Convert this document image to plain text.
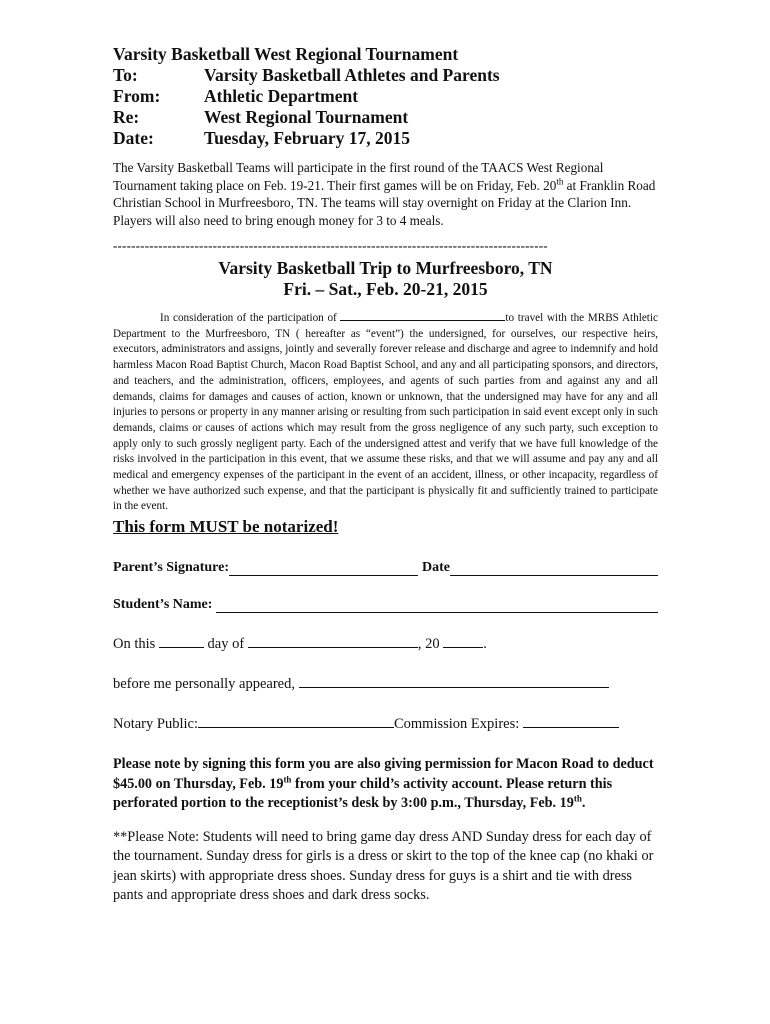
Varsity Basketball West Regional Tournament
To:	Varsity Basketball Athletes and Parents
From:	Athletic Department
Re:	West Regional Tournament
Date:	Tuesday, February 17, 2015

The Varsity Basketball Teams will participate in the first round of the TAACS West Regional Tournament taking place on Feb. 19-21. Their first games will be on Friday, Feb. 20th at Franklin Road Christian School in Murfreesboro, TN. The teams will stay overnight on Friday at the Clarion Inn. Players will also need to bring enough money for 3 to 4 meals.

------------------------------------------------------------------------------------------------
Varsity Basketball Trip to Murfreesboro, TN
Fri. – Sat., Feb. 20-21, 2015

In consideration of the participation of	to travel with the MRBS Athletic Department to the Murfreesboro, TN ( hereafter as “event”) the undersigned, for ourselves, our respective heirs, executors, administrators and assigns, jointly and severally forever release and discharge and agree to indemnify and hold harmless Macon Road Baptist Church, Macon Road Baptist School, and any and all participating sponsors, and directors, and teachers, and the administration, officers, employees, and agents of such parties from and against any and all demands, claims for damages and causes of action, known or unknown, that the undersigned may have for any and all injuries to persons or property in any manner arising or resulting from such participation in said event except only in such demands, claims or causes of actions which may result from the gross negligence of any such party, such exception to apply only to such grossly negligent party. Each of the undersigned attest and verify that we have full knowledge of the risks involved in the participation in this event, that we assume these risks, and that we will assume and pay any and all medical and emergency expenses of the participant in the event of an accident, illness, or other incapacity, regardless of whether we have authorized such expense, and that the participant is physically fit and sufficiently trained to participate in the event.

This form MUST be notarized!
Parent’s Signature:	Date
Student’s Name:
On this	day of	, 20	.
before me personally appeared,
Notary Public:	Commission Expires:

Please note by signing this form you are also giving permission for Macon Road to deduct $45.00 on Thursday, Feb. 19th from your child’s activity account. Please return this perforated portion to the receptionist’s desk by 3:00 p.m., Thursday, Feb. 19th.

**Please Note: Students will need to bring game day dress AND Sunday dress for each day of the tournament. Sunday dress for girls is a dress or skirt to the top of the knee cap (no khaki or jean skirts) with appropriate dress shoes. Sunday dress for guys is a shirt and tie with dress pants and appropriate dress shoes and dark dress socks.
